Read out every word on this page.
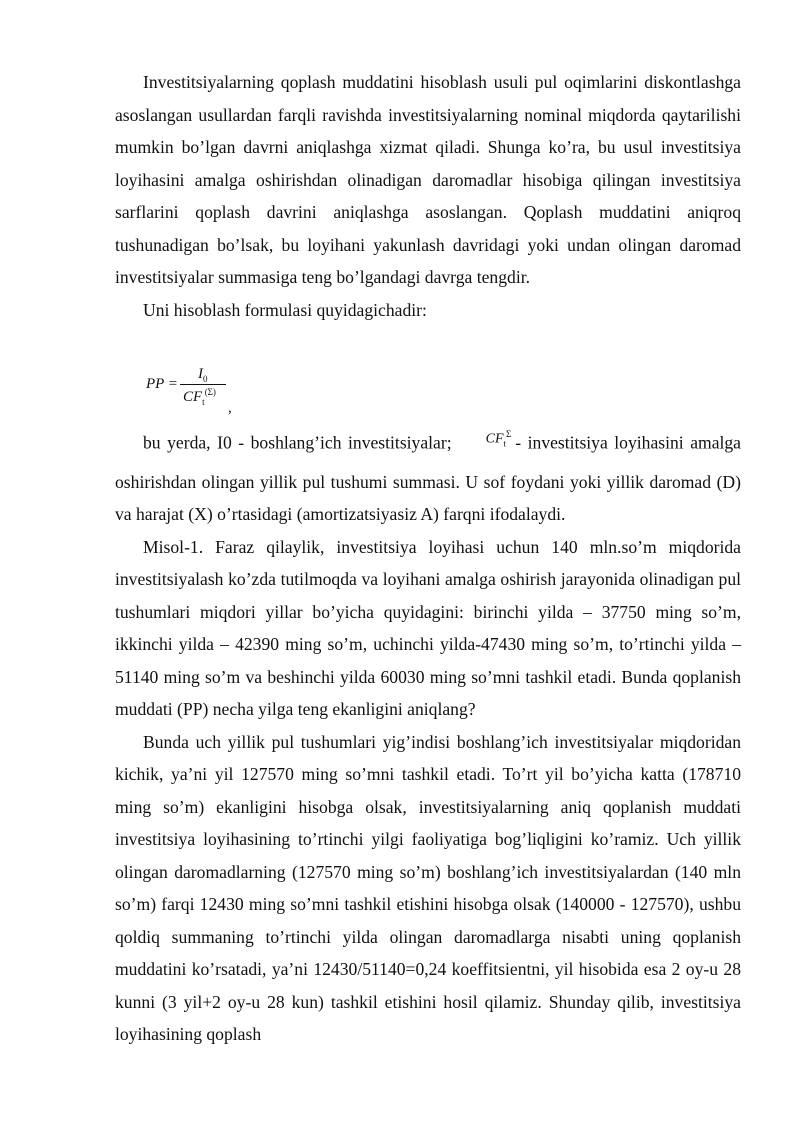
Investitsiyalarning qoplash muddatini hisoblash usuli pul oqimlarini diskontlashga asoslangan usullardan farqli ravishda investitsiyalarning nominal miqdorda qaytarilishi mumkin bo’lgan davrni aniqlashga xizmat qiladi. Shunga ko’ra, bu usul investitsiya loyihasini amalga oshirishdan olinadigan daromadlar hisobiga qilingan investitsiya sarflarini qoplash davrini aniqlashga asoslangan. Qoplash muddatini aniqroq tushunadigan bo’lsak, bu loyihani yakunlash davridagi yoki undan olingan daromad investitsiyalar summasiga teng bo’lgandagi davrga tengdir.

Uni hisoblash formulasi quyidagichadir:

PP =
$I_0$
$CF_t^{(\Sigma)}$
,

bu yerda, I0 - boshlang’ich investitsiyalar; $CF_t^\Sigma$ - investitsiya loyihasini amalga oshirishdan olingan yillik pul tushumi summasi. U sof foydani yoki yillik daromad (D) va harajat (X) o’rtasidagi (amortizatsiyasiz A) farqni ifodalaydi.

Misol-1. Faraz qilaylik, investitsiya loyihasi uchun 140 mln.so’m miqdorida investitsiyalash ko’zda tutilmoqda va loyihani amalga oshirish jarayonida olinadigan pul tushumlari miqdori yillar bo’yicha quyidagini: birinchi yilda – 37750 ming so’m, ikkinchi yilda – 42390 ming so’m, uchinchi yilda-47430 ming so’m, to’rtinchi yilda – 51140 ming so’m va beshinchi yilda 60030 ming so’mni tashkil etadi. Bunda qoplanish muddati (PP) necha yilga teng ekanligini aniqlang?

Bunda uch yillik pul tushumlari yig’indisi boshlang’ich investitsiyalar miqdoridan kichik, ya’ni yil 127570 ming so’mni tashkil etadi. To’rt yil bo’yicha katta (178710 ming so’m) ekanligini hisobga olsak, investitsiyalarning aniq qoplanish muddati investitsiya loyihasining to’rtinchi yilgi faoliyatiga bog’liqligini ko’ramiz. Uch yillik olingan daromadlarning (127570 ming so’m) boshlang’ich investitsiyalardan (140 mln so’m) farqi 12430 ming so’mni tashkil etishini hisobga olsak (140000 - 127570), ushbu qoldiq summaning to’rtinchi yilda olingan daromadlarga nisabti uning qoplanish muddatini ko’rsatadi, ya’ni 12430/51140=0,24 koeffitsientni, yil hisobida esa 2 oy-u 28 kunni (3 yil+2 oy-u 28 kun) tashkil etishini hosil qilamiz. Shunday qilib, investitsiya loyihasining qoplash
